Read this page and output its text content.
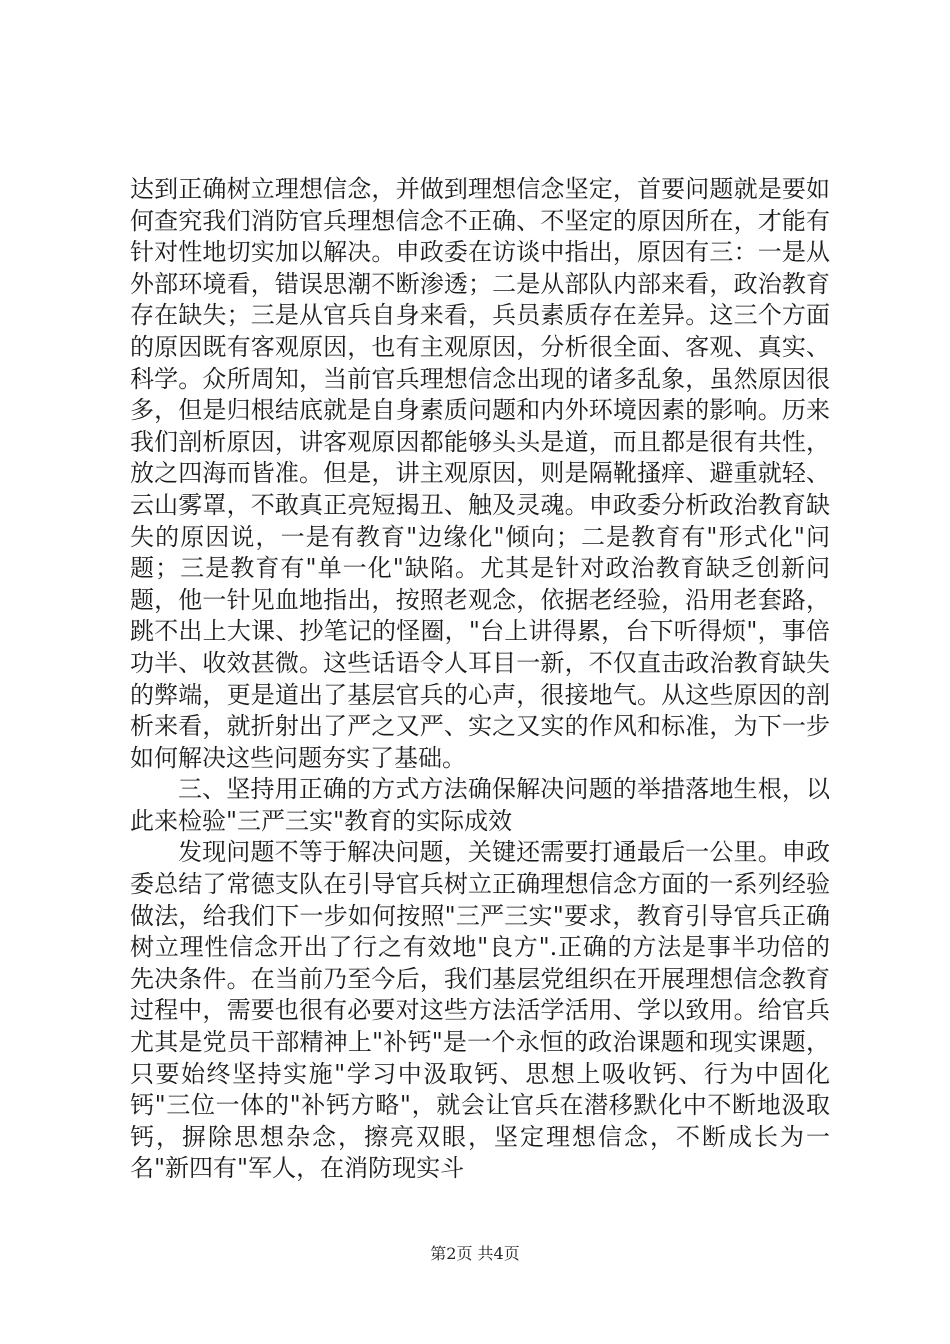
达到正确树立理想信念，并做到理想信念坚定，首要问题就是要如何查究我们消防官兵理想信念不正确、不坚定的原因所在，才能有针对性地切实加以解决。申政委在访谈中指出，原因有三：一是从外部环境看，错误思潮不断渗透；二是从部队内部来看，政治教育存在缺失；三是从官兵自身来看，兵员素质存在差异。这三个方面的原因既有客观原因，也有主观原因，分析很全面、客观、真实、科学。众所周知，当前官兵理想信念出现的诸多乱象，虽然原因很多，但是归根结底就是自身素质问题和内外环境因素的影响。历来我们剖析原因，讲客观原因都能够头头是道，而且都是很有共性，放之四海而皆准。但是，讲主观原因，则是隔靴搔痒、避重就轻、云山雾罩，不敢真正亮短揭丑、触及灵魂。申政委分析政治教育缺失的原因说，一是有教育"边缘化"倾向；二是教育有"形式化"问题；三是教育有"单一化"缺陷。尤其是针对政治教育缺乏创新问题，他一针见血地指出，按照老观念，依据老经验，沿用老套路，跳不出上大课、抄笔记的怪圈，"台上讲得累，台下听得烦"，事倍功半、收效甚微。这些话语令人耳目一新，不仅直击政治教育缺失的弊端，更是道出了基层官兵的心声，很接地气。从这些原因的剖析来看，就折射出了严之又严、实之又实的作风和标准，为下一步如何解决这些问题夯实了基础。

三、坚持用正确的方式方法确保解决问题的举措落地生根，以此来检验"三严三实"教育的实际成效

发现问题不等于解决问题，关键还需要打通最后一公里。申政委总结了常德支队在引导官兵树立正确理想信念方面的一系列经验做法，给我们下一步如何按照"三严三实"要求，教育引导官兵正确树立理性信念开出了行之有效地"良方".正确的方法是事半功倍的先决条件。在当前乃至今后，我们基层党组织在开展理想信念教育过程中，需要也很有必要对这些方法活学活用、学以致用。给官兵尤其是党员干部精神上"补钙"是一个永恒的政治课题和现实课题，只要始终坚持实施"学习中汲取钙、思想上吸收钙、行为中固化钙"三位一体的"补钙方略"，就会让官兵在潜移默化中不断地汲取钙，摒除思想杂念，擦亮双眼，坚定理想信念，不断成长为一名"新四有"军人，在消防现实斗

第2页 共4页
